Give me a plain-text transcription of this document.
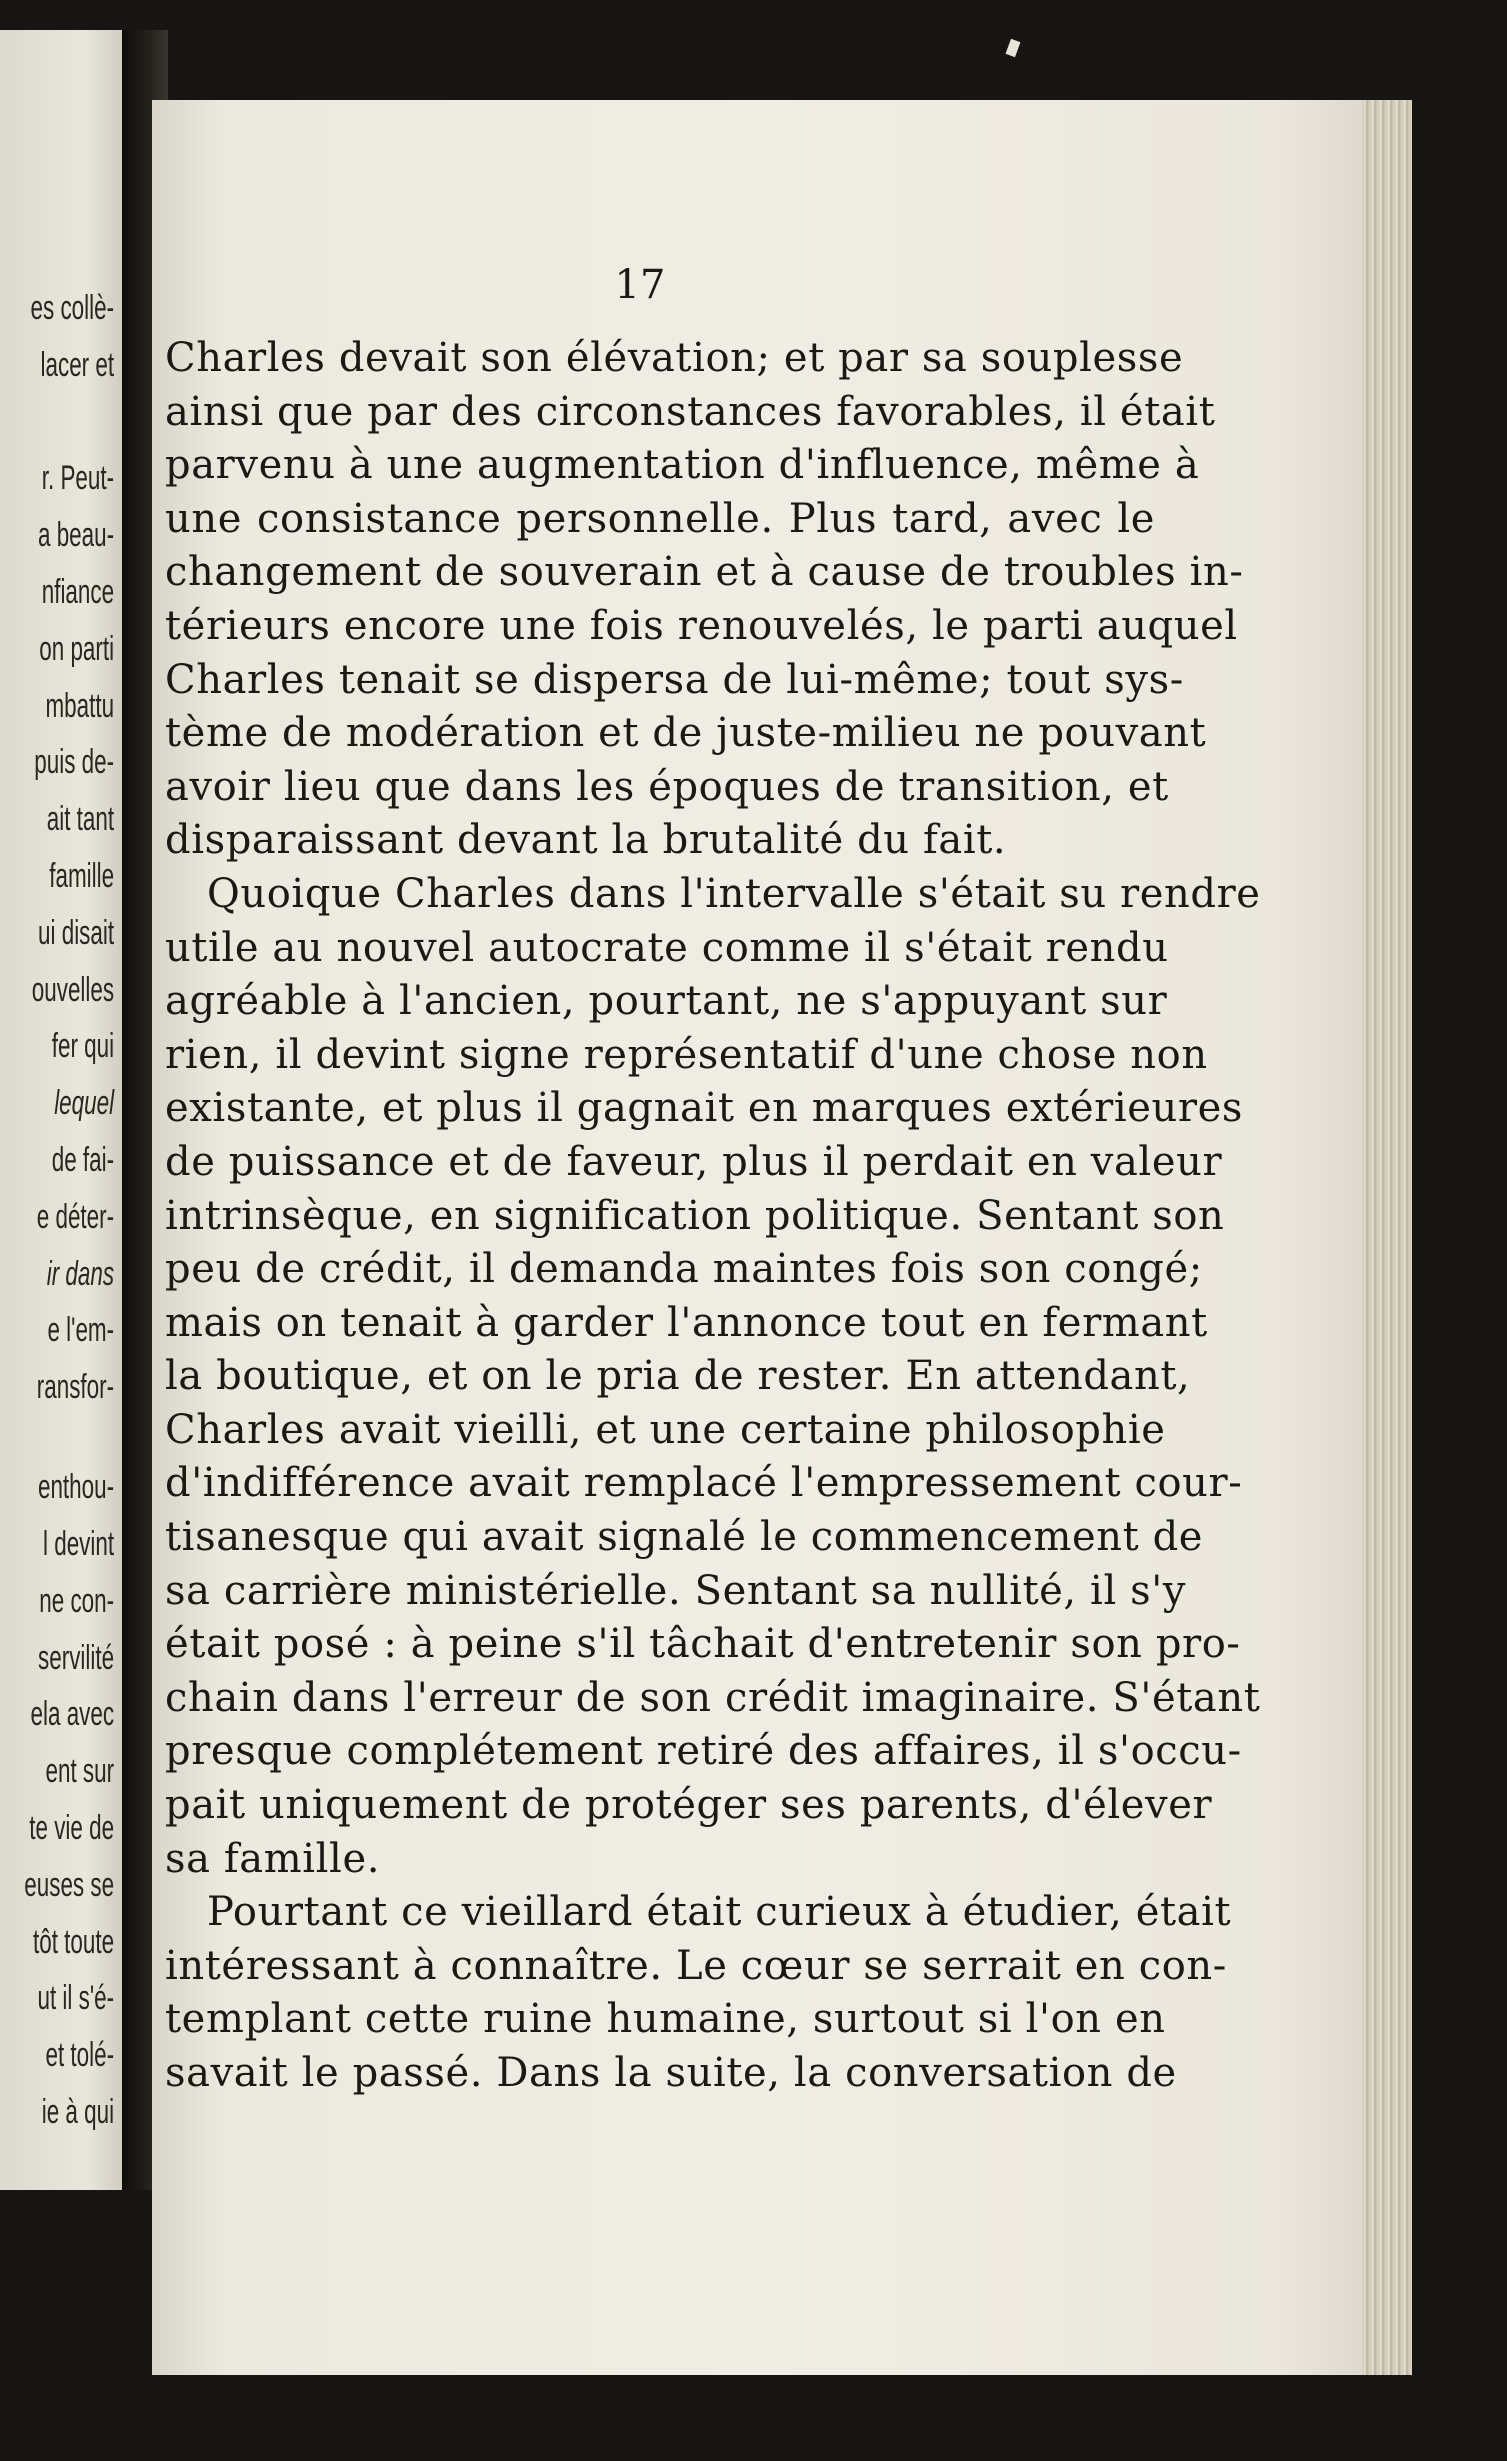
es collè-
lacer et
r. Peut-
a beau-
nfiance
on parti
mbattu
puis de-
ait tant
famille
ui disait
ouvelles
fer qui
lequel
de fai-
e déter-
ir dans
e l'em-
ransfor-
enthou-
l devint
ne con-
servilité
ela avec
ent sur
te vie de
euses se
tôt toute
ut il s'é-
et tolé-
ie à qui
17
Charles devait son élévation; et par sa souplesse
ainsi que par des circonstances favorables, il était
parvenu à une augmentation d'influence, même à
une consistance personnelle. Plus tard, avec le
changement de souverain et à cause de troubles in-
térieurs encore une fois renouvelés, le parti auquel
Charles tenait se dispersa de lui-même; tout sys-
tème de modération et de juste-milieu ne pouvant
avoir lieu que dans les époques de transition, et
disparaissant devant la brutalité du fait.
Quoique Charles dans l'intervalle s'était su rendre
utile au nouvel autocrate comme il s'était rendu
agréable à l'ancien, pourtant, ne s'appuyant sur
rien, il devint signe représentatif d'une chose non
existante, et plus il gagnait en marques extérieures
de puissance et de faveur, plus il perdait en valeur
intrinsèque, en signification politique. Sentant son
peu de crédit, il demanda maintes fois son congé;
mais on tenait à garder l'annonce tout en fermant
la boutique, et on le pria de rester. En attendant,
Charles avait vieilli, et une certaine philosophie
d'indifférence avait remplacé l'empressement cour-
tisanesque qui avait signalé le commencement de
sa carrière ministérielle. Sentant sa nullité, il s'y
était posé : à peine s'il tâchait d'entretenir son pro-
chain dans l'erreur de son crédit imaginaire. S'étant
presque complétement retiré des affaires, il s'occu-
pait uniquement de protéger ses parents, d'élever
sa famille.
Pourtant ce vieillard était curieux à étudier, était
intéressant à connaître. Le cœur se serrait en con-
templant cette ruine humaine, surtout si l'on en
savait le passé. Dans la suite, la conversation de
